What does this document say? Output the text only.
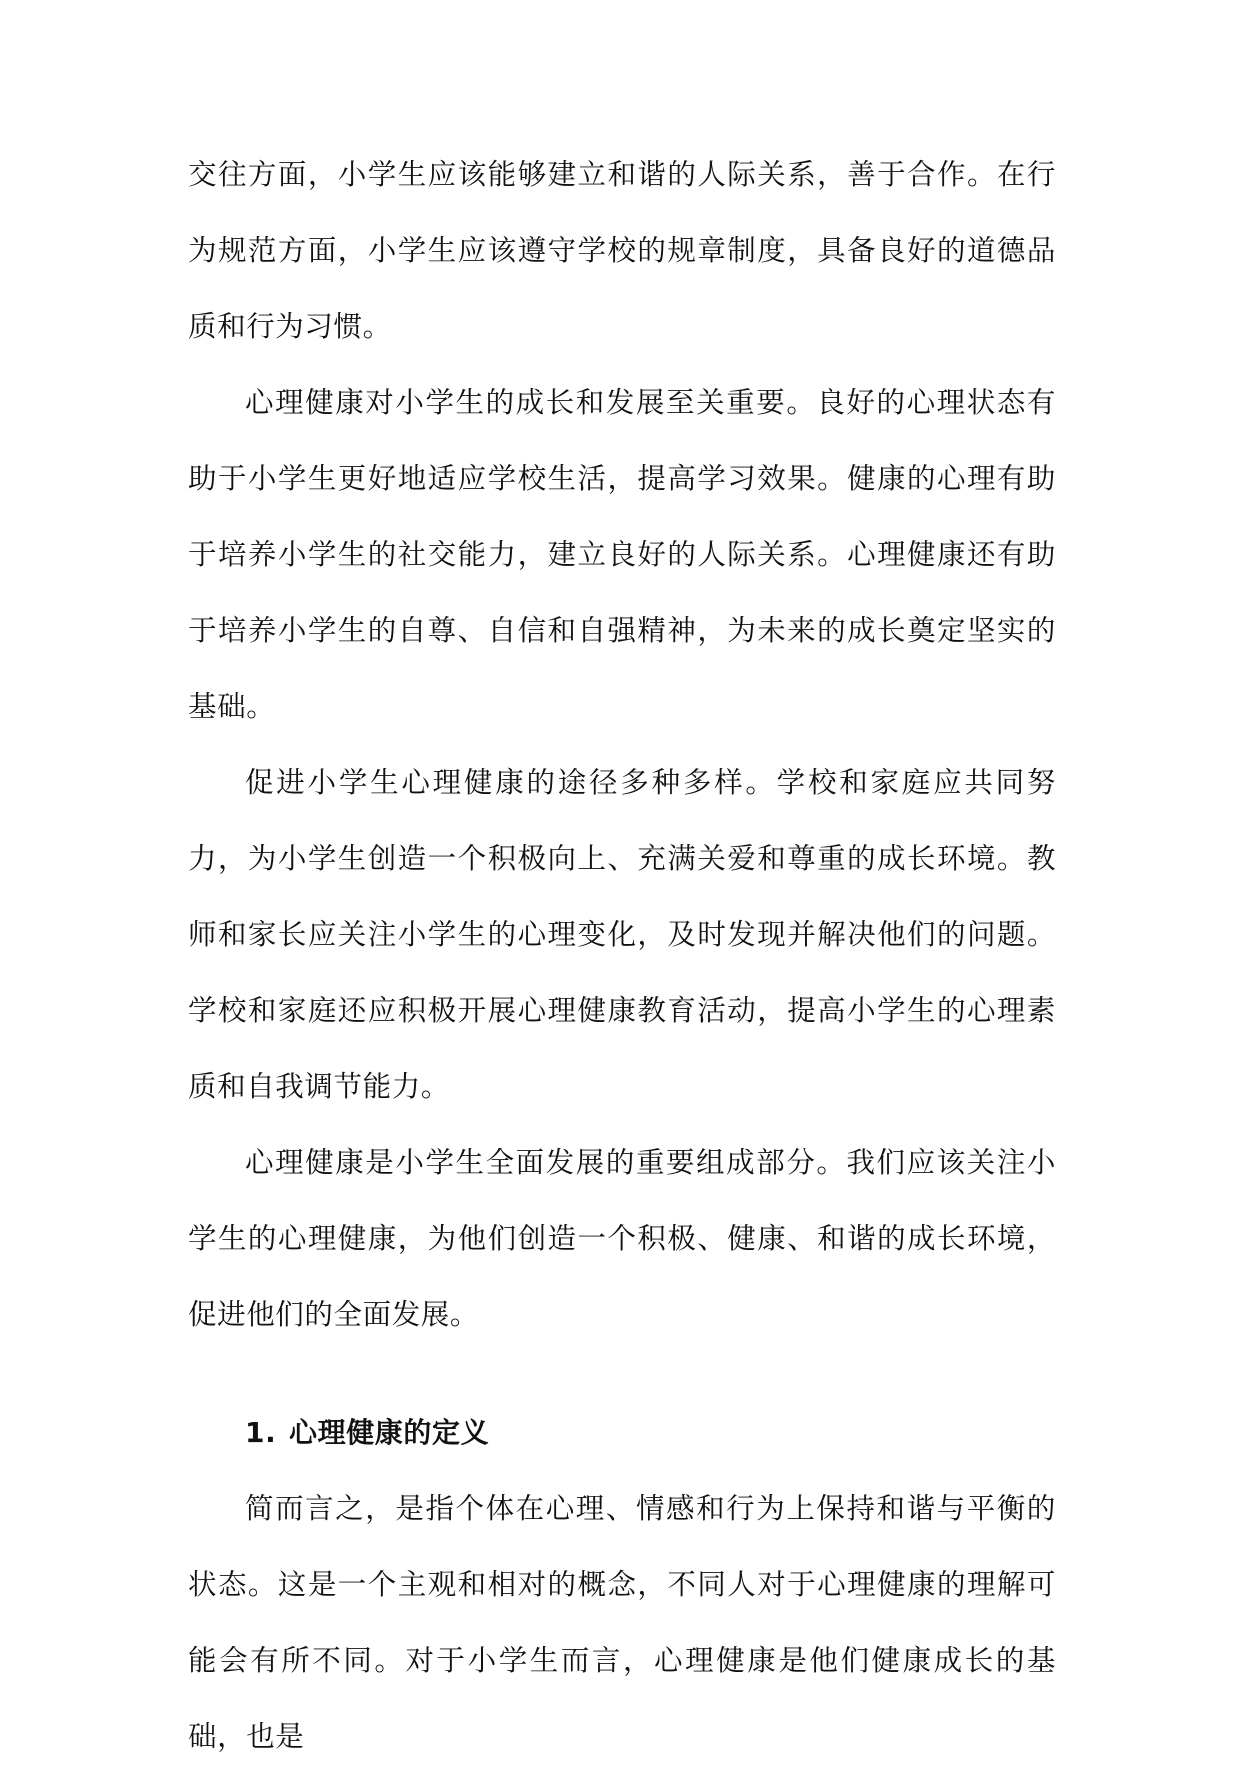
交往方面，小学生应该能够建立和谐的人际关系，善于合作。在行为规范方面，小学生应该遵守学校的规章制度，具备良好的道德品质和行为习惯。

心理健康对小学生的成长和发展至关重要。良好的心理状态有助于小学生更好地适应学校生活，提高学习效果。健康的心理有助于培养小学生的社交能力，建立良好的人际关系。心理健康还有助于培养小学生的自尊、自信和自强精神，为未来的成长奠定坚实的基础。

促进小学生心理健康的途径多种多样。学校和家庭应共同努力，为小学生创造一个积极向上、充满关爱和尊重的成长环境。教师和家长应关注小学生的心理变化，及时发现并解决他们的问题。学校和家庭还应积极开展心理健康教育活动，提高小学生的心理素质和自我调节能力。

心理健康是小学生全面发展的重要组成部分。我们应该关注小学生的心理健康，为他们创造一个积极、健康、和谐的成长环境，促进他们的全面发展。

1. 心理健康的定义

简而言之，是指个体在心理、情感和行为上保持和谐与平衡的状态。这是一个主观和相对的概念，不同人对于心理健康的理解可能会有所不同。对于小学生而言，心理健康是他们健康成长的基础，也是
